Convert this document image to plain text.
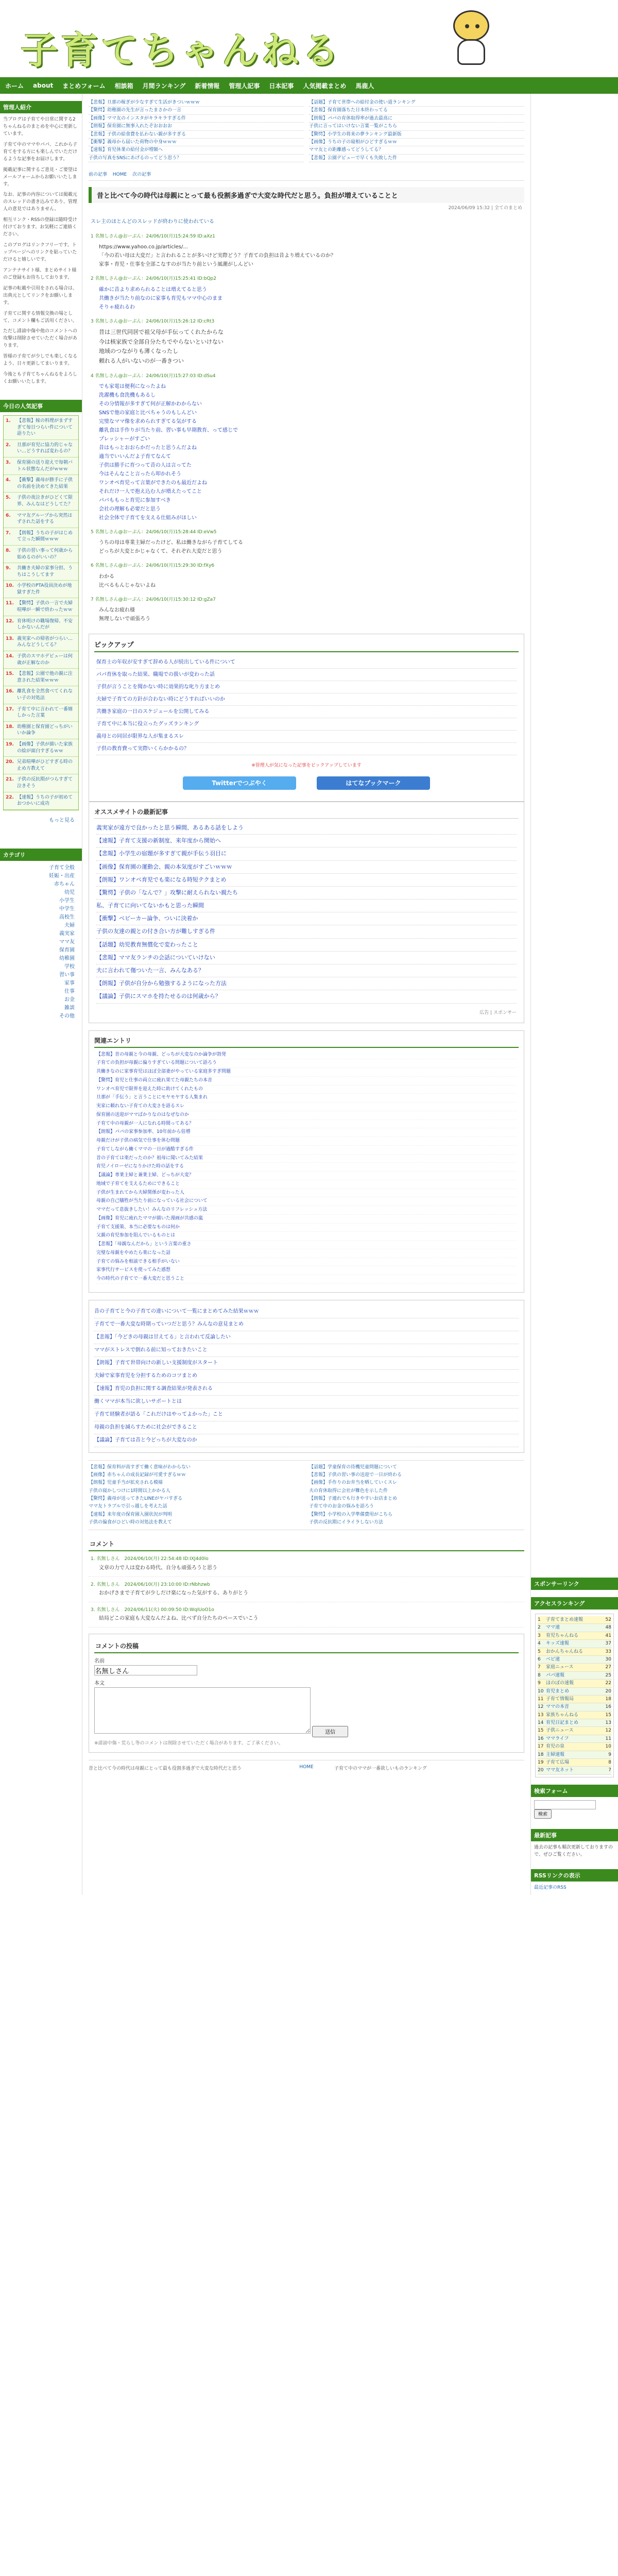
子育てちゃんねる
ホーム about まとめフォーム 相談箱 月間ランキング 新着情報 管理人記事 日本記事 人気掲載まとめ 馬鹿人
管理人紹介

当ブログは子育てや日常に関する2ちゃんねるのまとめを中心に更新しています。

子育て中のママやパパ、これから子育てをする方にも楽しんでいただけるような記事をお届けします。

掲載記事に関するご意見・ご要望はメールフォームからお願いいたします。

なお、記事の内容については掲載元のスレッドの書き込みであり、管理人の意見ではありません。

相互リンク・RSSの登録は随時受け付けております。お気軽にご連絡ください。

このブログはリンクフリーです。トップページへのリンクを貼っていただけると嬉しいです。

アンテナサイト様、まとめサイト様のご登録もお待ちしております。

記事の転載や引用をされる場合は、出典元としてリンクをお願いします。

子育てに関する情報交換の場として、コメント欄もご活用ください。

ただし誹謗中傷や他のコメントへの攻撃は削除させていただく場合があります。

皆様の子育てが少しでも楽しくなるよう、日々更新してまいります。

今後とも子育てちゃんねるをよろしくお願いいたします。

今日の人気記事
1.	【悲報】嫁の料理がまずすぎて毎日つらい件について語りたい
2.	旦那が育児に協力的じゃない…どうすれば変わるの？
3.	保育園の送り迎えで毎朝バトル状態なんだがｗｗｗ
4.	【衝撃】義母が勝手に子供の名前を決めてきた結果
5.	子供の夜泣きがひどくて限界、みんなはどうしてた？
6.	ママ友グループから突然はずされた話をする
7.	【朗報】うちの子がはじめて立った瞬間ｗｗｗ
8.	子供の習い事って何歳から始めるのがいいの？
9.	共働き夫婦の家事分担、うちはこうしてます
10. 小学校のPTA役員決めが地獄すぎた件
11. 【驚愕】子供の一言で夫婦喧嘩が一瞬で終わったｗｗ
12. 育休明けの職場復帰、不安しかないんだが
13. 義実家への帰省がつらい…みんなどうしてる？
14. 子供のスマホデビューは何歳が正解なのか
15. 【悲報】公園で他の親に注意された結果ｗｗｗ
16. 離乳食を全然食べてくれない子の対処法
17. 子育て中に言われて一番嬉しかった言葉
18. 幼稚園と保育園どっちがいいか論争
19. 【画像】子供が描いた家族の絵が面白すぎるｗｗ
20. 兄弟喧嘩がひどすぎる時の止め方教えて
21. 子供の反抗期がつらすぎて泣きそう
22. 【速報】うちの子が初めておつかいに成功
もっと見る
カテゴリ
子育て全般
妊娠・出産
赤ちゃん
幼児
小学生
中学生
高校生
夫婦
義実家
ママ友
保育園
幼稚園
学校
習い事
家事
仕事
お金
雑談
その他
【悲報】旦那の稼ぎが少なすぎて生活がきついｗｗｗ
【驚愕】幼稚園の先生が言ったまさかの一言
【画像】ママ友のインスタがキラキラすぎる件
【朗報】保育園に無事入れたぞおおおお
【悲報】子供の給食費を払わない親が多すぎる
【衝撃】義母から届いた荷物の中身ｗｗｗ
【速報】育児休業の給付金が増額へ
子供の写真をSNSにあげるのってどう思う？
【話題】子育て世帯への給付金の使い道ランキング
【悲報】保育園落ちた日本終わってる
【朗報】パパの育休取得率が過去最高に
子供に言ってはいけない言葉一覧がこちら
【驚愕】小学生の将来の夢ランキング最新版
【画像】うちの子の寝相がひどすぎるｗｗ
ママ友との距離感ってどうしてる？
【悲報】公園デビューで早くも失敗した件
前の記事 HOME 次の記事
昔と比べて今の時代は母親にとって最も役割多過ぎで大変な時代だと思う。負担が増えていることと
2024/06/09 15:32 | 全てのまとめ
スレ主のほとんどのスレッドが終わりに使われている
1 名無しさん@おーぷん：24/06/10(月)15:24:59 ID:aXz1
https://www.yahoo.co.jp/articles/...
「今の若い母は大変だ」と言われることが多いけど実際どう？子育ての負担は昔より増えているのか？
家事・育児・仕事を全部こなすのが当たり前という風潮がしんどい
2 名無しさん@おーぷん：24/06/10(月)15:25:41 ID:bQp2
確かに昔より求められることは増えてると思う
共働きが当たり前なのに家事も育児もママ中心のまま
そりゃ疲れるわ
3 名無しさん@おーぷん：24/06/10(月)15:26:12 ID:cRt3
昔は三世代同居で祖父母が手伝ってくれたからな
今は核家族で全部自分たちでやらないといけない
地域のつながりも薄くなったし
頼れる人がいないのが一番きつい
4 名無しさん@おーぷん：24/06/10(月)15:27:03 ID:dSu4
でも家電は便利になったよね
洗濯機も食洗機もあるし
その分情報が多すぎて何が正解かわからない
SNSで他の家庭と比べちゃうのもしんどい
完璧なママ像を求められすぎてる気がする
離乳食は手作りが当たり前、習い事も早期教育、って感じで
プレッシャーがすごい
昔はもっとおおらかだったと思うんだよね
適当でいいんだよ子育てなんて
子供は勝手に育つって昔の人は言ってた
今はそんなこと言ったら叩かれそう
ワンオペ育児って言葉ができたのも最近だよね
それだけ一人で抱え込む人が増えたってこと
パパももっと育児に参加すべき
会社の理解も必要だと思う
社会全体で子育てを支える仕組みがほしい
5 名無しさん@おーぷん：24/06/10(月)15:28:44 ID:eVw5
うちの母は専業主婦だったけど、私は働きながら子育てしてる
どっちが大変とかじゃなくて、それぞれ大変だと思う
6 名無しさん@おーぷん：24/06/10(月)15:29:30 ID:fXy6
わかる
比べるもんじゃないよね
7 名無しさん@おーぷん：24/06/10(月)15:30:12 ID:gZa7
みんなお疲れ様
無理しないで頑張ろう
ピックアップ
保育士の年収が安すぎて辞める人が続出している件について
パパ育休を取った結果、職場での扱いが変わった話
子供が言うことを聞かない時に効果的な叱り方まとめ
夫婦で子育ての方針が合わない時にどうすればいいのか
共働き家庭の一日のスケジュールを公開してみる
子育て中に本当に役立ったグッズランキング
義母との同居が限界な人が集まるスレ
子供の教育費って実際いくらかかるの？
※管理人が気になった記事をピックアップしています
Twitterでつぶやく	はてなブックマーク
オススメサイトの最新記事
義実家が遠方で良かったと思う瞬間、あるある話をしよう
【速報】子育て支援の新制度、来年度から開始へ
【悲報】小学生の宿題が多すぎて親が手伝う羽目に
【画像】保育園の運動会、親の本気度がすごいｗｗｗ
【朗報】ワンオペ育児でも楽になる時短テクまとめ
【驚愕】子供の「なんで？」攻撃に耐えられない親たち
私、子育てに向いてないかもと思った瞬間
【衝撃】ベビーカー論争、ついに決着か
子供の友達の親との付き合い方が難しすぎる件
【話題】幼児教育無償化で変わったこと
【悲報】ママ友ランチの会話についていけない
夫に言われて傷ついた一言、みんなある？
【朗報】子供が自分から勉強するようになった方法
【議論】子供にスマホを持たせるのは何歳から？
広告 | スポンサー
関連エントリ
【悲報】昔の母親と今の母親、どっちが大変なのか論争が勃発
子育ての負担が母親に偏りすぎている問題について語ろう
共働きなのに家事育児はほぼ全部妻がやっている家庭多すぎ問題
【驚愕】育児と仕事の両立に疲れ果てた母親たちの本音
ワンオペ育児で限界を迎えた時に助けてくれたもの
旦那が「手伝う」と言うことにモヤモヤする人集まれ
実家に頼れない子育ての大変さを語るスレ
保育園の送迎がママばかりなのはなぜなのか
子育て中の母親が一人になれる時間ってある？
【朗報】パパの家事参加率、10年前から倍増
母親だけが子供の病気で仕事を休む問題
子育てしながら働くママの一日が過酷すぎる件
昔の子育ては楽だったのか？祖母に聞いてみた結果
育児ノイローゼになりかけた時の話をする
【議論】専業主婦と兼業主婦、どっちが大変？
地域で子育てを支えるためにできること
子供が生まれてから夫婦関係が変わった人
母親の自己犠牲が当たり前になっている社会について
ママだって息抜きしたい！みんなのリフレッシュ方法
【画像】育児に疲れたママが描いた漫画が共感の嵐
子育て支援策、本当に必要なものは何か
父親の育児参加を阻んでいるものとは
【悲報】「母親なんだから」という言葉の重さ
完璧な母親をやめたら楽になった話
子育ての悩みを相談できる相手がいない
家事代行サービスを使ってみた感想
今の時代の子育てで一番大変だと思うこと
昔の子育てと今の子育ての違いについて一覧にまとめてみた結果ｗｗｗ
子育てで一番大変な時期っていつだと思う？みんなの意見まとめ
【悲報】「今どきの母親は甘えてる」と言われて反論したい
ママがストレスで倒れる前に知っておきたいこと
【朗報】子育て世帯向けの新しい支援制度がスタート
夫婦で家事育児を分担するためのコツまとめ
【速報】育児の負担に関する調査結果が発表される
働くママが本当に欲しいサポートとは
子育て経験者が語る「これだけはやってよかった」こと
母親の負担を減らすために社会ができること
【議論】子育ては昔と今どっちが大変なのか
【悲報】保育料が高すぎて働く意味がわからない
【画像】赤ちゃんの成長記録が可愛すぎるｗｗ
【朗報】児童手当が拡充される模様
子供の寝かしつけに1時間以上かかる人
【驚愕】義母が送ってきたLINEがヤバすぎる
ママ友トラブルで引っ越しを考えた話
【速報】来年度の保育園入園状況が判明
子供の偏食がひどい時の対処法を教えて
【話題】学童保育の待機児童問題について
【悲報】子供の習い事の送迎で一日が終わる
【画像】手作りのお弁当を晒していくスレ
夫の育休取得に会社が難色を示した件
【朗報】子連れでも行きやすいお店まとめ
子育て中のお金の悩みを語ろう
【驚愕】小学校の入学準備費用がこちら
子供の反抗期にイライラしない方法
コメント
1. 名無しさん　2024/06/10(月) 22:54:48 ID:IXJ4d0lo
文章の力で人は変わる時代、自分も頑張ろうと思う
2. 名無しさん　2024/06/10(月) 23:10:00 ID:rNbhzwb
おかげさまで子育てが少しだけ楽になった気がする、ありがとう
3. 名無しさん　2024/06/11(火) 00:09:50 ID:WqIUoO1o
結局どこの家庭も大変なんだよね、比べず自分たちのペースでいこう
コメントの投稿
名前
名無しさん
本文
送信
※誹謗中傷・荒らし等のコメントは削除させていただく場合があります。ご了承ください。
昔と比べて今の時代は母親にとって最も役割多過ぎで大変な時代だと思う	HOME	子育て中のママが一番欲しいものランキング
スポンサーリンク
アクセスランキング
1	子育てまとめ速報	52
2	ママ速	48
3	育児ちゃんねる	41
4	キッズ速報	37
5	おかんちゃんねる	33
6	ベビ速	30
7	家庭ニュース	27
8	パパ速報	25
9	ほのぼの速報	22
10 育児まとめ	20
11 子育て情報局	18
12 ママの本音	16
13 家族ちゃんねる	15
14 育児日記まとめ	13
15 子供ニュース	12
16 ママライフ	11
17 育児の泉	10
18 主婦速報	9
19 子育て広場	8
20 ママ友ネット	7
検索フォーム
検索
最新記事
過去の記事も順次更新しておりますので、ぜひご覧ください。
RSSリンクの表示
最近記事のRSS
